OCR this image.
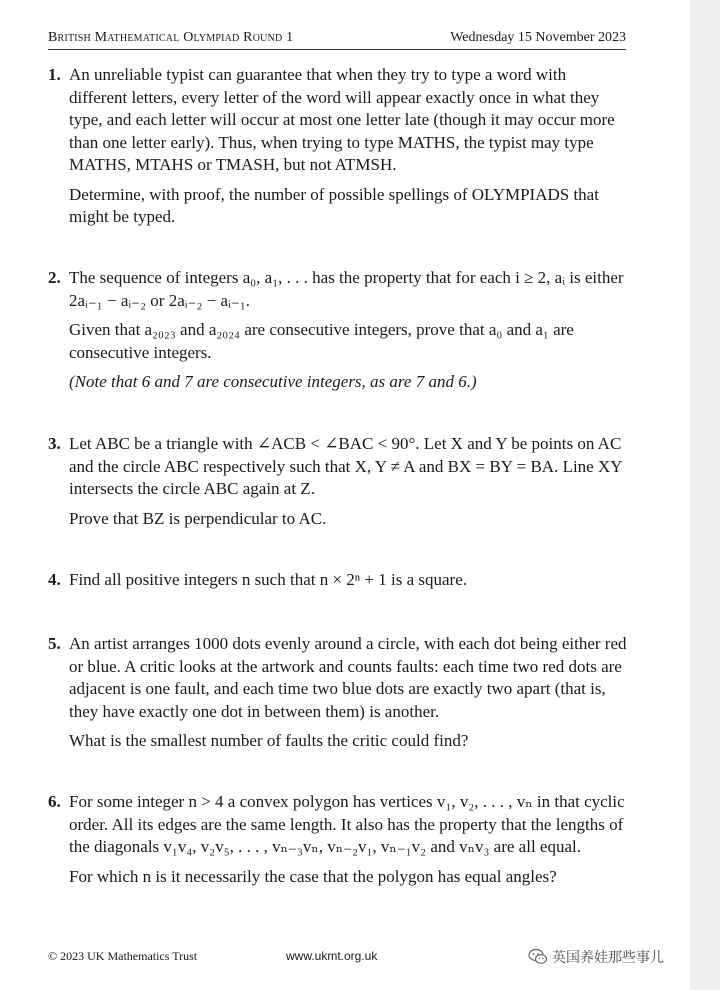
British Mathematical Olympiad Round 1	Wednesday 15 November 2023
1. An unreliable typist can guarantee that when they try to type a word with different letters, every letter of the word will appear exactly once in what they type, and each letter will occur at most one letter late (though it may occur more than one letter early). Thus, when trying to type MATHS, the typist may type MATHS, MTAHS or TMASH, but not ATMSH.

Determine, with proof, the number of possible spellings of OLYMPIADS that might be typed.

2. The sequence of integers a₀, a₁, . . . has the property that for each i ≥ 2, aᵢ is either 2aᵢ₋₁ − aᵢ₋₂ or 2aᵢ₋₂ − aᵢ₋₁.

Given that a₂₀₂₃ and a₂₀₂₄ are consecutive integers, prove that a₀ and a₁ are consecutive integers.

(Note that 6 and 7 are consecutive integers, as are 7 and 6.)

3. Let ABC be a triangle with ∠ACB < ∠BAC < 90°. Let X and Y be points on AC and the circle ABC respectively such that X, Y ≠ A and BX = BY = BA. Line XY intersects the circle ABC again at Z.

Prove that BZ is perpendicular to AC.

4. Find all positive integers n such that n × 2ⁿ + 1 is a square.

5. An artist arranges 1000 dots evenly around a circle, with each dot being either red or blue. A critic looks at the artwork and counts faults: each time two red dots are adjacent is one fault, and each time two blue dots are exactly two apart (that is, they have exactly one dot in between them) is another.

What is the smallest number of faults the critic could find?

6. For some integer n > 4 a convex polygon has vertices v₁, v₂, . . . , vₙ in that cyclic order. All its edges are the same length. It also has the property that the lengths of the diagonals v₁v₄, v₂v₅, . . . , vₙ₋₃vₙ, vₙ₋₂v₁, vₙ₋₁v₂ and vₙv₃ are all equal.

For which n is it necessarily the case that the polygon has equal angles?

© 2023 UK Mathematics Trust	www.ukmt.org.uk	英国养娃那些事儿
